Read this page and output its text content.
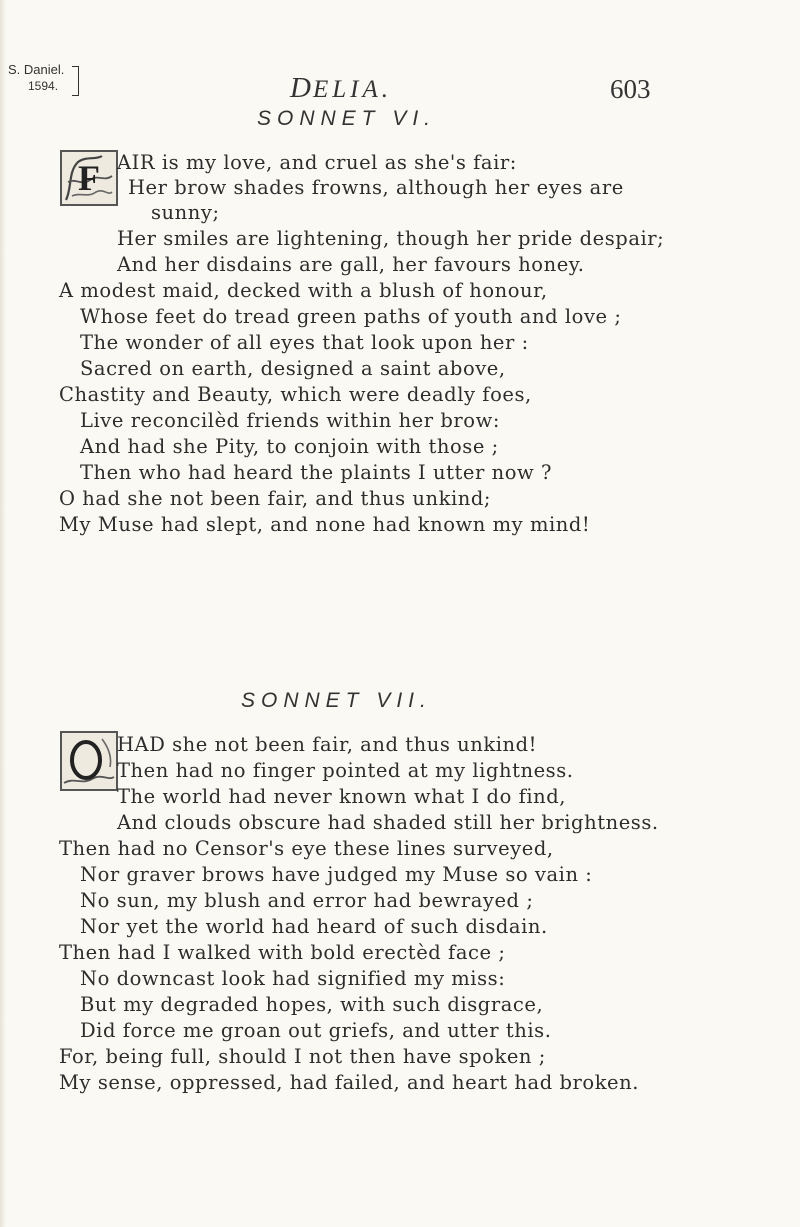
S. Daniel.
1594.	DELIA.	603
SONNET VI.
F AIR is my love, and cruel as she's fair:
Her brow shades frowns, although her eyes are
sunny;
Her smiles are lightening, though her pride despair;
And her disdains are gall, her favours honey.
A modest maid, decked with a blush of honour,
Whose feet do tread green paths of youth and love ;
The wonder of all eyes that look upon her :
Sacred on earth, designed a saint above,
Chastity and Beauty, which were deadly foes,
Live reconcilèd friends within her brow:
And had she Pity, to conjoin with those ;
Then who had heard the plaints I utter now ?
O had she not been fair, and thus unkind;
My Muse had slept, and none had known my mind!
SONNET VII.
O
HAD she not been fair, and thus unkind!
Then had no finger pointed at my lightness.
The world had never known what I do find,
And clouds obscure had shaded still her brightness.
Then had no Censor's eye these lines surveyed,
Nor graver brows have judged my Muse so vain :
No sun, my blush and error had bewrayed ;
Nor yet the world had heard of such disdain.
Then had I walked with bold erectèd face ;
No downcast look had signified my miss:
But my degraded hopes, with such disgrace,
Did force me groan out griefs, and utter this.
For, being full, should I not then have spoken ;
My sense, oppressed, had failed, and heart had broken.
